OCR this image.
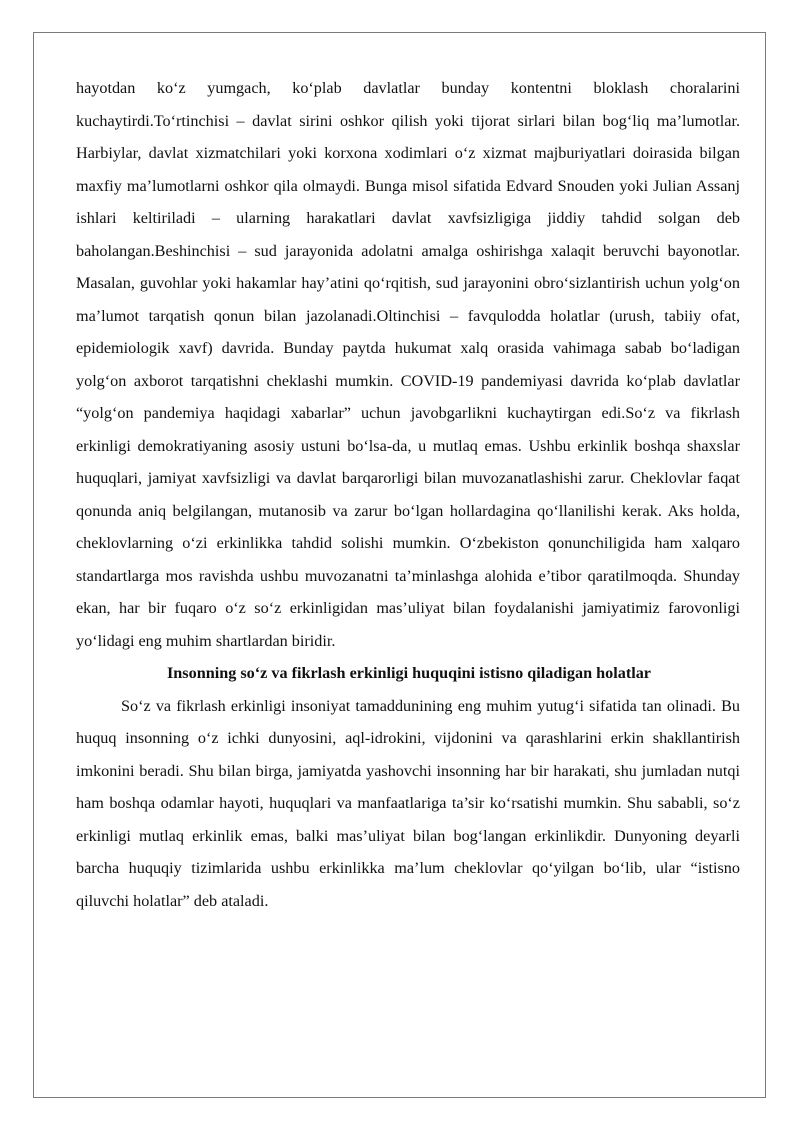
hayotdan ko‘z yumgach, ko‘plab davlatlar bunday kontentni bloklash choralarini kuchaytirdi.To‘rtinchisi – davlat sirini oshkor qilish yoki tijorat sirlari bilan bog‘liq ma’lumotlar. Harbiylar, davlat xizmatchilari yoki korxona xodimlari o‘z xizmat majburiyatlari doirasida bilgan maxfiy ma’lumotlarni oshkor qila olmaydi. Bunga misol sifatida Edvard Snouden yoki Julian Assanj ishlari keltiriladi – ularning harakatlari davlat xavfsizligiga jiddiy tahdid solgan deb baholangan.Beshinchisi – sud jarayonida adolatni amalga oshirishga xalaqit beruvchi bayonotlar. Masalan, guvohlar yoki hakamlar hay’atini qo‘rqitish, sud jarayonini obro‘sizlantirish uchun yolg‘on ma’lumot tarqatish qonun bilan jazolanadi.Oltinchisi – favqulodda holatlar (urush, tabiiy ofat, epidemiologik xavf) davrida. Bunday paytda hukumat xalq orasida vahimaga sabab bo‘ladigan yolg‘on axborot tarqatishni cheklashi mumkin. COVID-19 pandemiyasi davrida ko‘plab davlatlar “yolg‘on pandemiya haqidagi xabarlar” uchun javobgarlikni kuchaytirgan edi.So‘z va fikrlash erkinligi demokratiyaning asosiy ustuni bo‘lsa-da, u mutlaq emas. Ushbu erkinlik boshqa shaxslar huquqlari, jamiyat xavfsizligi va davlat barqarorligi bilan muvozanatlashishi zarur. Cheklovlar faqat qonunda aniq belgilangan, mutanosib va zarur bo‘lgan hollardagina qo‘llanilishi kerak. Aks holda, cheklovlarning o‘zi erkinlikka tahdid solishi mumkin. O‘zbekiston qonunchiligida ham xalqaro standartlarga mos ravishda ushbu muvozanatni ta’minlashga alohida e’tibor qaratilmoqda. Shunday ekan, har bir fuqaro o‘z so‘z erkinligidan mas’uliyat bilan foydalanishi jamiyatimiz farovonligi yo‘lidagi eng muhim shartlardan biridir.

Insonning so‘z va fikrlash erkinligi huquqini istisno qiladigan holatlar

So‘z va fikrlash erkinligi insoniyat tamaddunining eng muhim yutug‘i sifatida tan olinadi. Bu huquq insonning o‘z ichki dunyosini, aql-idrokini, vijdonini va qarashlarini erkin shakllantirish imkonini beradi. Shu bilan birga, jamiyatda yashovchi insonning har bir harakati, shu jumladan nutqi ham boshqa odamlar hayoti, huquqlari va manfaatlariga ta’sir ko‘rsatishi mumkin. Shu sababli, so‘z erkinligi mutlaq erkinlik emas, balki mas’uliyat bilan bog‘langan erkinlikdir. Dunyoning deyarli barcha huquqiy tizimlarida ushbu erkinlikka ma’lum cheklovlar qo‘yilgan bo‘lib, ular “istisno qiluvchi holatlar” deb ataladi.
